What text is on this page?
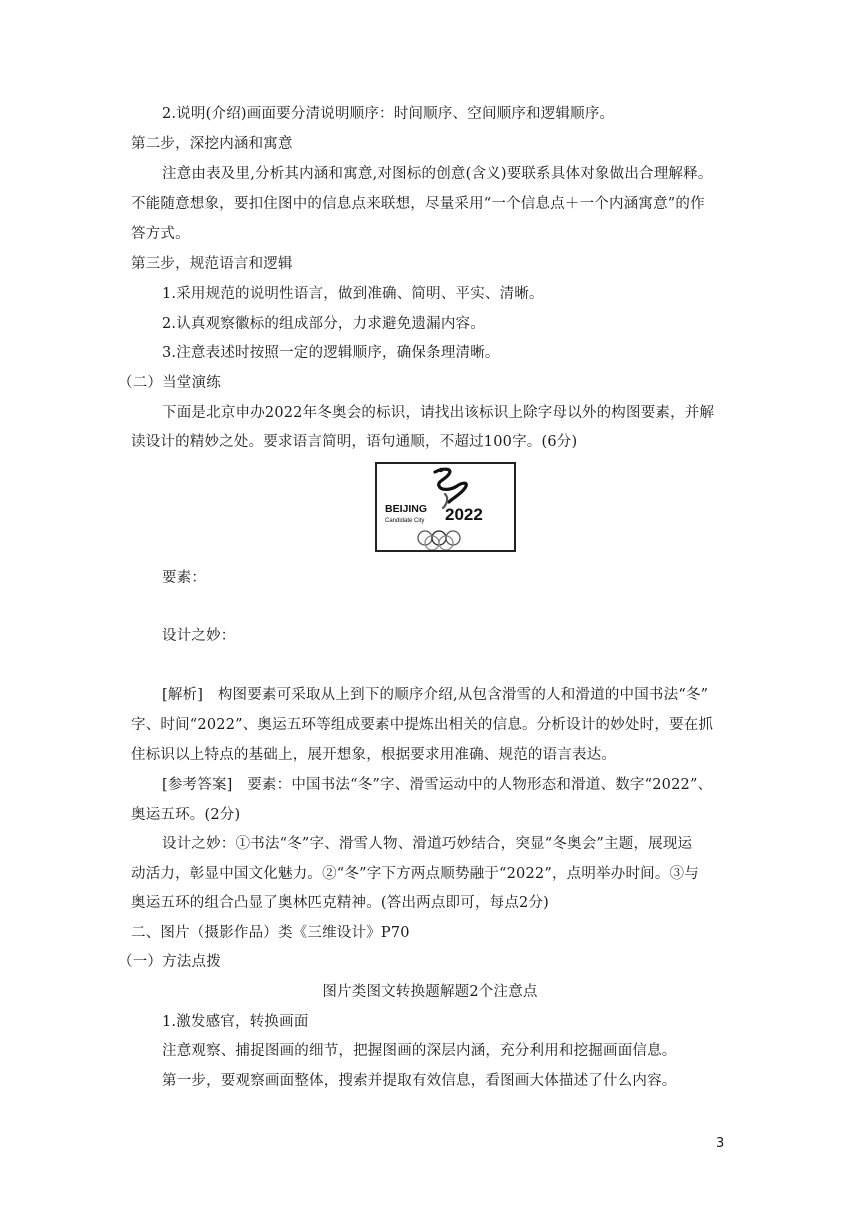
2.说明(介绍)画面要分清说明顺序：时间顺序、空间顺序和逻辑顺序。
第二步，深挖内涵和寓意
注意由表及里,分析其内涵和寓意,对图标的创意(含义)要联系具体对象做出合理解释。
不能随意想象，要扣住图中的信息点来联想，尽量采用“一个信息点＋一个内涵寓意”的作
答方式。
第三步，规范语言和逻辑
1.采用规范的说明性语言，做到准确、简明、平实、清晰。
2.认真观察徽标的组成部分，力求避免遗漏内容。
3.注意表述时按照一定的逻辑顺序，确保条理清晰。
（二）当堂演练
下面是北京申办2022年冬奥会的标识，请找出该标识上除字母以外的构图要素，并解
读设计的精妙之处。要求语言简明，语句通顺，不超过100字。(6分)
BEIJING
Candidate City 2022
要素：
设计之妙：
[解析]　构图要素可采取从上到下的顺序介绍,从包含滑雪的人和滑道的中国书法“冬”
字、时间“2022”、奥运五环等组成要素中提炼出相关的信息。分析设计的妙处时，要在抓
住标识以上特点的基础上，展开想象，根据要求用准确、规范的语言表达。
[参考答案]　要素：中国书法“冬”字、滑雪运动中的人物形态和滑道、数字“2022”、
奥运五环。(2分)
设计之妙：①书法“冬”字、滑雪人物、滑道巧妙结合，突显“冬奥会”主题，展现运
动活力，彰显中国文化魅力。②“冬”字下方两点顺势融于“2022”，点明举办时间。③与
奥运五环的组合凸显了奥林匹克精神。(答出两点即可，每点2分)
二、图片（摄影作品）类《三维设计》P70
（一）方法点拨
图片类图文转换题解题2个注意点
1.激发感官，转换画面
注意观察、捕捉图画的细节，把握图画的深层内涵，充分利用和挖掘画面信息。
第一步，要观察画面整体，搜索并提取有效信息，看图画大体描述了什么内容。
3
